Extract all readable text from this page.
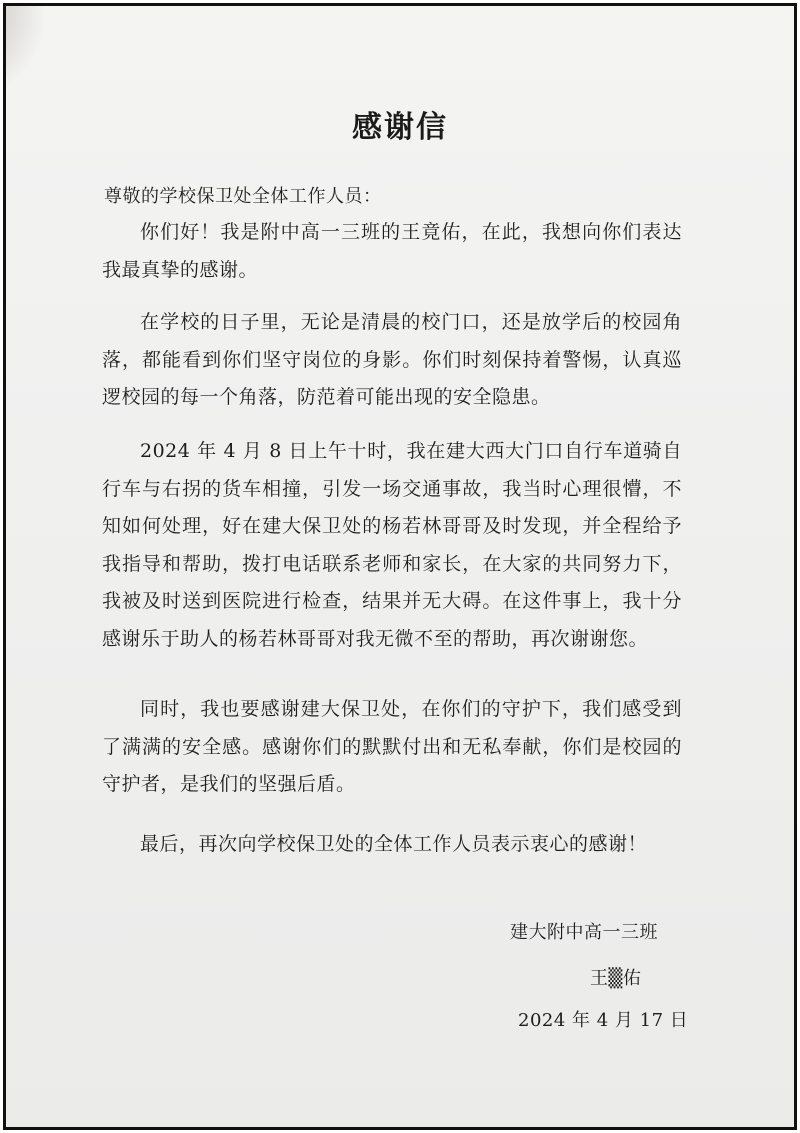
感谢信
尊敬的学校保卫处全体工作人员：

你们好！我是附中高一三班的王竟佑，在此，我想向你们表达我最真挚的感谢。

在学校的日子里，无论是清晨的校门口，还是放学后的校园角落，都能看到你们坚守岗位的身影。你们时刻保持着警惕，认真巡逻校园的每一个角落，防范着可能出现的安全隐患。

2024 年 4 月 8 日上午十时，我在建大西大门口自行车道骑自行车与右拐的货车相撞，引发一场交通事故，我当时心理很懵，不知如何处理，好在建大保卫处的杨若林哥哥及时发现，并全程给予我指导和帮助，拨打电话联系老师和家长，在大家的共同努力下，我被及时送到医院进行检查，结果并无大碍。在这件事上，我十分感谢乐于助人的杨若林哥哥对我无微不至的帮助，再次谢谢您。

同时，我也要感谢建大保卫处，在你们的守护下，我们感受到了满满的安全感。感谢你们的默默付出和无私奉献，你们是校园的守护者，是我们的坚强后盾。

最后，再次向学校保卫处的全体工作人员表示衷心的感谢！

建大附中高一三班
王▒佑
2024 年 4 月 17 日
